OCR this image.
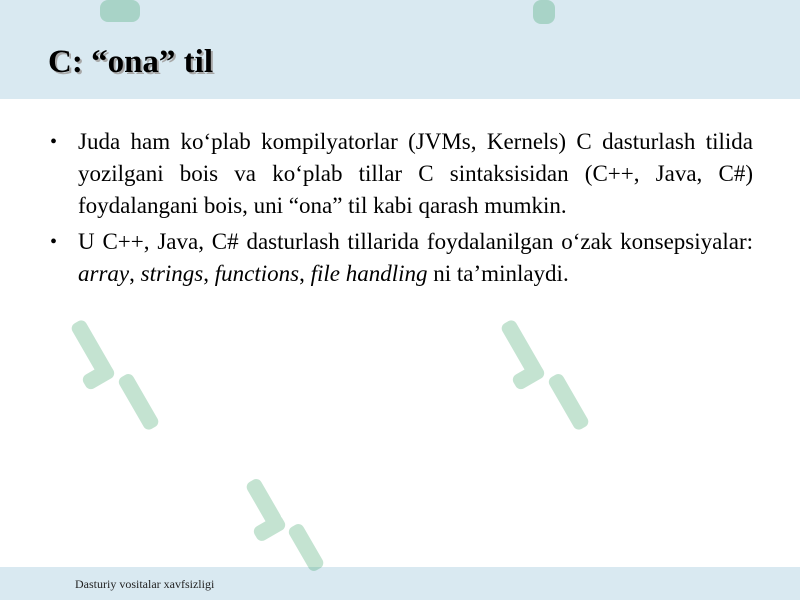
C: “ona” til
• Juda ham ko‘plab kompilyatorlar (JVMs, Kernels) C dasturlash tilida yozilgani bois va ko‘plab tillar C sintaksisidan (C++, Java, C#) foydalangani bois, uni “ona” til kabi qarash mumkin.
• U C++, Java, C# dasturlash tillarida foydalanilgan o‘zak konsepsiyalar: array, strings, functions, file handling ni ta’minlaydi.
Dasturiy vositalar xavfsizligi
